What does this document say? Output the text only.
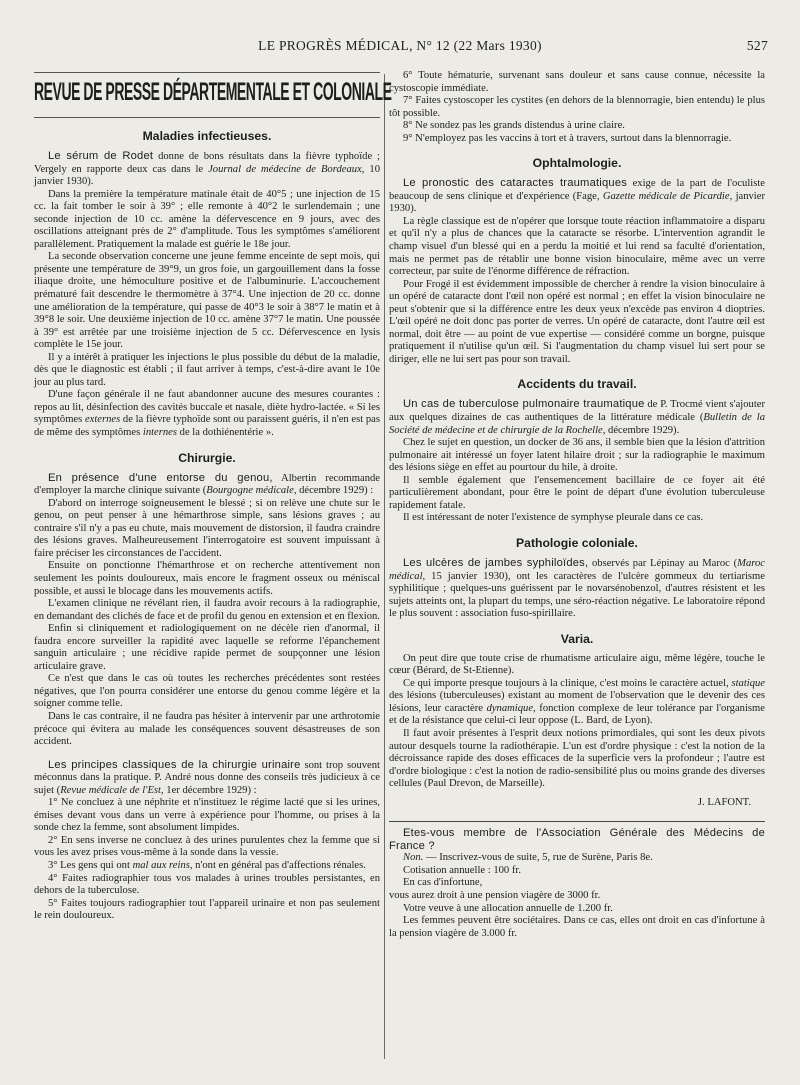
LE PROGRÈS MÉDICAL, N° 12 (22 Mars 1930)	527
REVUE DE PRESSE DÉPARTEMENTALE ET COLONIALE
Maladies infectieuses.

Le sérum de Rodet donne de bons résultats dans la fièvre typhoïde ; Vergely en rapporte deux cas dans le Journal de médecine de Bordeaux, 10 janvier 1930).

Dans la première la température matinale était de 40°5 ; une injection de 15 cc. la fait tomber le soir à 39° ; elle remonte à 40°2 le surlendemain ; une seconde injection de 10 cc. amène la défervescence en 9 jours, avec des oscillations atteignant près de 2° d'amplitude. Tous les symptômes s'améliorent parallèlement. Pratiquement la malade est guérie le 18e jour.

La seconde observation concerne une jeune femme enceinte de sept mois, qui présente une température de 39°9, un gros foie, un gargouillement dans la fosse iliaque droite, une hémoculture positive et de l'albuminurie. L'accouchement prématuré fait descendre le thermomètre à 37°4. Une injection de 20 cc. donne une amélioration de la température, qui passe de 40°3 le soir à 38°7 le matin et à 39°8 le soir. Une deuxième injection de 10 cc. amène 37°7 le matin. Une poussée à 39° est arrêtée par une troisième injection de 5 cc. Défervescence en lysis complète le 15e jour.

Il y a intérêt à pratiquer les injections le plus possible du début de la maladie, dès que le diagnostic est établi ; il faut arriver à temps, c'est-à-dire avant le 10e jour au plus tard.

D'une façon générale il ne faut abandonner aucune des mesures courantes : repos au lit, désinfection des cavités buccale et nasale, diète hydro-lactée. « Si les symptômes externes de la fièvre typhoïde sont ou paraissent guéris, il n'en est pas de même des symptômes internes de la dothiénentérie ».

Chirurgie.

En présence d'une entorse du genou, Albertin recommande d'employer la marche clinique suivante (Bourgogne médicale, décembre 1929) :

D'abord on interroge soigneusement le blessé ; si on relève une chute sur le genou, on peut penser à une hémarthrose simple, sans lésions graves ; au contraire s'il n'y a pas eu chute, mais mouvement de distorsion, il faudra craindre des lésions graves. Malheureusement l'interrogatoire est souvent impuissant à faire préciser les circonstances de l'accident.

Ensuite on ponctionne l'hémarthrose et on recherche attentivement non seulement les points douloureux, mais encore le fragment osseux ou méniscal possible, et aussi le blocage dans les mouvements actifs.

L'examen clinique ne révélant rien, il faudra avoir recours à la radiographie, en demandant des clichés de face et de profil du genou en extension et en flexion.

Enfin si cliniquement et radiologiquement on ne décèle rien d'anormal, il faudra encore surveiller la rapidité avec laquelle se reforme l'épanchement sanguin articulaire ; une récidive rapide permet de soupçonner une lésion articulaire grave.

Ce n'est que dans le cas où toutes les recherches précédentes sont restées négatives, que l'on pourra considérer une entorse du genou comme légère et la soigner comme telle.

Dans le cas contraire, il ne faudra pas hésiter à intervenir par une arthrotomie précoce qui évitera au malade les conséquences souvent désastreuses de son accident.

Les principes classiques de la chirurgie urinaire sont trop souvent méconnus dans la pratique. P. André nous donne des conseils très judicieux à ce sujet (Revue médicale de l'Est, 1er décembre 1929) :

1° Ne concluez à une néphrite et n'instituez le régime lacté que si les urines, émises devant vous dans un verre à expérience pour l'homme, ou prises à la sonde chez la femme, sont absolument limpides.

2° En sens inverse ne concluez à des urines purulentes chez la femme que si vous les avez prises vous-même à la sonde dans la vessie.

3° Les gens qui ont mal aux reins, n'ont en général pas d'affections rénales.

4° Faites radiographier tous vos malades à urines troubles persistantes, en dehors de la tuberculose.

5° Faites toujours radiographier tout l'appareil urinaire et non pas seulement le rein douloureux.

6° Toute hématurie, survenant sans douleur et sans cause connue, nécessite la cystoscopie immédiate.

7° Faites cystoscoper les cystites (en dehors de la blennorragie, bien entendu) le plus tôt possible.

8° Ne sondez pas les grands distendus à urine claire.

9° N'employez pas les vaccins à tort et à travers, surtout dans la blennorragie.

Ophtalmologie.

Le pronostic des cataractes traumatiques exige de la part de l'oculiste beaucoup de sens clinique et d'expérience (Fage, Gazette médicale de Picardie, janvier 1930).

La règle classique est de n'opérer que lorsque toute réaction inflammatoire a disparu et qu'il n'y a plus de chances que la cataracte se résorbe. L'intervention agrandit le champ visuel d'un blessé qui en a perdu la moitié et lui rend sa faculté d'orientation, mais ne permet pas de rétablir une bonne vision binoculaire, même avec un verre correcteur, par suite de l'énorme différence de réfraction.

Pour Frogé il est évidemment impossible de chercher à rendre la vision binoculaire à un opéré de cataracte dont l'œil non opéré est normal ; en effet la vision binoculaire ne peut s'obtenir que si la différence entre les deux yeux n'excède pas environ 4 dioptries. L'œil opéré ne doit donc pas porter de verres. Un opéré de cataracte, dont l'autre œil est normal, doit être — au point de vue expertise — considéré comme un borgne, puisque pratiquement il n'utilise qu'un œil. Si l'augmentation du champ visuel lui sert pour se diriger, elle ne lui sert pas pour son travail.

Accidents du travail.

Un cas de tuberculose pulmonaire traumatique de P. Trocmé vient s'ajouter aux quelques dizaines de cas authentiques de la littérature médicale (Bulletin de la Société de médecine et de chirurgie de la Rochelle, décembre 1929).

Chez le sujet en question, un docker de 36 ans, il semble bien que la lésion d'attrition pulmonaire ait intéressé un foyer latent hilaire droit ; sur la radiographie le maximum des lésions siège en effet au pourtour du hile, à droite.

Il semble également que l'ensemencement bacillaire de ce foyer ait été particulièrement abondant, pour être le point de départ d'une évolution tuberculeuse rapidement fatale.

Il est intéressant de noter l'existence de symphyse pleurale dans ce cas.

Pathologie coloniale.

Les ulcères de jambes syphiloïdes, observés par Lépinay au Maroc (Maroc médical, 15 janvier 1930), ont les caractères de l'ulcère gommeux du tertiarisme syphilitique ; quelques-uns guérissent par le novarsénobenzol, d'autres résistent et les sujets atteints ont, la plupart du temps, une séro-réaction négative. Le laboratoire répond le plus souvent : association fuso-spirillaire.

Varia.

On peut dire que toute crise de rhumatisme articulaire aigu, même légère, touche le cœur (Bérard, de St-Etienne).

Ce qui importe presque toujours à la clinique, c'est moins le caractère actuel, statique des lésions (tuberculeuses) existant au moment de l'observation que le devenir des ces lésions, leur caractère dynamique, fonction complexe de leur tolérance par l'organisme et de la résistance que celui-ci leur oppose (L. Bard, de Lyon).

Il faut avoir présentes à l'esprit deux notions primordiales, qui sont les deux pivots autour desquels tourne la radiothérapie. L'un est d'ordre physique : c'est la notion de la décroissance rapide des doses efficaces de la superficie vers la profondeur ; l'autre est d'ordre biologique : c'est la notion de radio-sensibilité plus ou moins grande des diverses cellules (Paul Drevon, de Marseille).

J. LAFONT.

Etes-vous membre de l'Association Générale des Médecins de France ?

Non. — Inscrivez-vous de suite, 5, rue de Surène, Paris 8e.

Cotisation annuelle : 100 fr.

En cas d'infortune,

vous aurez droit à une pension viagère de 3000 fr.

Votre veuve à une allocation annuelle de 1.200 fr.

Les femmes peuvent être sociétaires. Dans ce cas, elles ont droit en cas d'infortune à la pension viagère de 3.000 fr.
